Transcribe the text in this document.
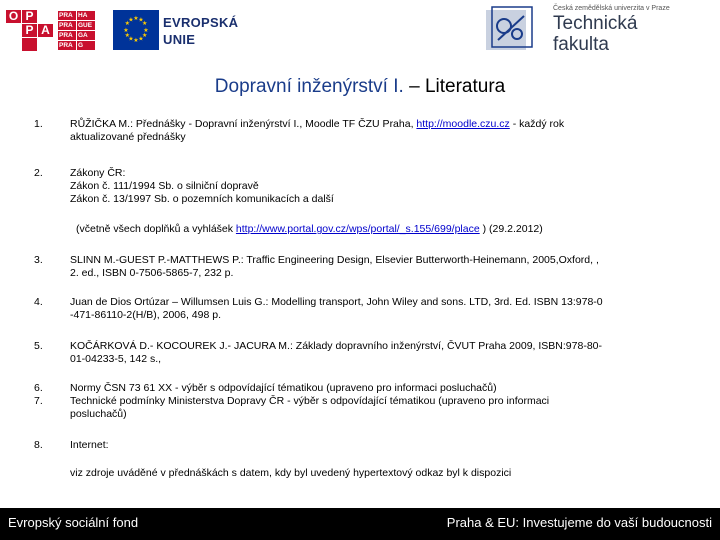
O P
P A
PRA HA
PRA GUE
PRA GA
PRA G
★ ★
★
★
★
★
★
★
★
★
★
★ EVROPSKÁ
UNIE
Česká zemědělská univerzita v Praze
Technická
fakulta
Dopravní inženýrství I. – Literatura
1.	RŮŽIČKA M.: Přednášky - Dopravní inženýrství I., Moodle TF ČZU Praha, http://moodle.czu.cz - každý rok
aktualizované přednášky
2.	Zákony ČR:
Zákon č. 111/1994 Sb. o silniční dopravě
Zákon č. 13/1997 Sb. o pozemních komunikacích a další
(včetně všech doplňků a vyhlášek http://www.portal.gov.cz/wps/portal/_s.155/699/place ) (29.2.2012)
3.	SLINN M.-GUEST P.-MATTHEWS P.: Traffic Engineering Design, Elsevier Butterworth-Heinemann, 2005,Oxford, ,
2. ed., ISBN 0-7506-5865-7, 232 p.
4.	Juan de Dios Ortúzar – Willumsen Luis G.: Modelling transport, John Wiley and sons. LTD, 3rd. Ed. ISBN 13:978-0
-471-86110-2(H/B), 2006, 498 p.
5.	KOČÁRKOVÁ D.- KOCOUREK J.- JACURA M.: Základy dopravního inženýrství, ČVUT Praha 2009, ISBN:978-80-
01-04233-5, 142 s.,
6.
7.
Normy ČSN 73 61 XX - výběr s odpovídající tématikou (upraveno pro informaci posluchačů)
Technické podmínky Ministerstva Dopravy ČR - výběr s odpovídající tématikou (upraveno pro informaci
posluchačů)
8.	Internet:
viz zdroje uváděné v přednáškách s datem, kdy byl uvedený hypertextový odkaz byl k dispozici
Evropský sociální fond	Praha & EU: Investujeme do vaší budoucnosti
